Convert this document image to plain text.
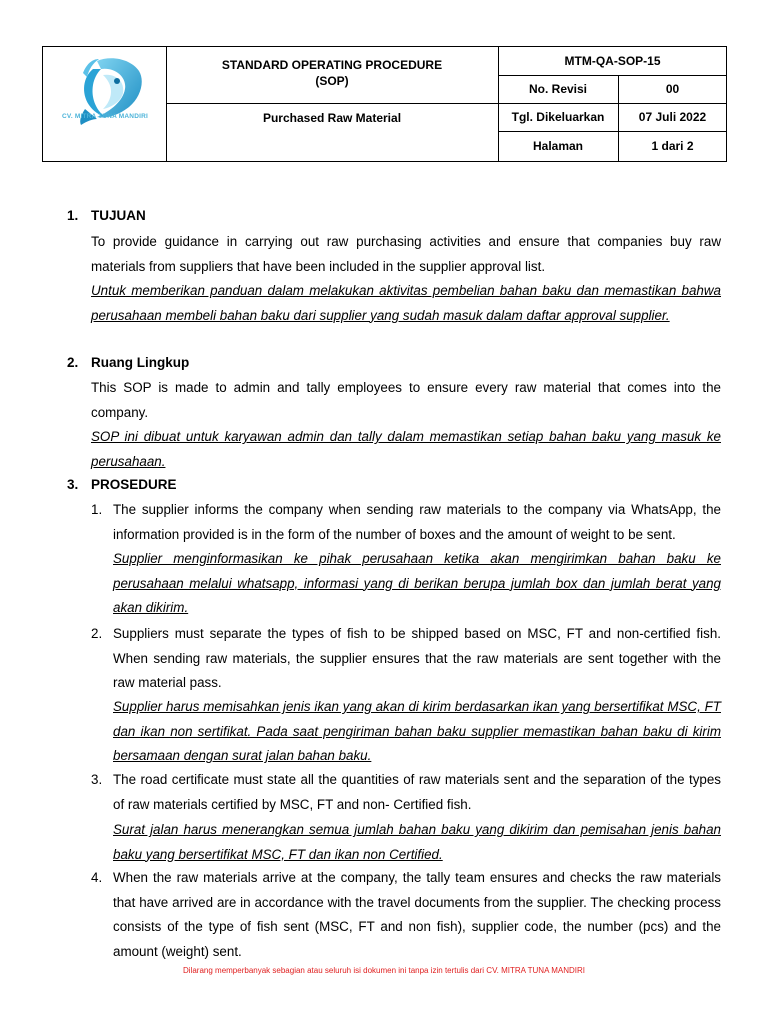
CV. MITRA TUNA MANDIRI
STANDARD OPERATING PROCEDURE
(SOP)
Purchased Raw Material
MTM-QA-SOP-15
No. Revisi	00
Tgl. Dikeluarkan	07 Juli 2022
Halaman	1 dari 2
1. TUJUAN
To provide guidance in carrying out raw purchasing activities and ensure that companies buy raw materials from suppliers that have been included in the supplier approval list.
Untuk memberikan panduan dalam melakukan aktivitas pembelian bahan baku dan memastikan bahwa perusahaan membeli bahan baku dari supplier yang sudah masuk dalam daftar approval supplier.
2. Ruang Lingkup
This SOP is made to admin and tally employees to ensure every raw material that comes into the company.
SOP ini dibuat untuk karyawan admin dan tally dalam memastikan setiap bahan baku yang masuk ke perusahaan.
3. PROSEDURE
1. The supplier informs the company when sending raw materials to the company via WhatsApp, the information provided is in the form of the number of boxes and the amount of weight to be sent.
Supplier menginformasikan ke pihak perusahaan ketika akan mengirimkan bahan baku ke perusahaan melalui whatsapp, informasi yang di berikan berupa jumlah box dan jumlah berat yang akan dikirim.
2. Suppliers must separate the types of fish to be shipped based on MSC, FT and non-certified fish. When sending raw materials, the supplier ensures that the raw materials are sent together with the raw material pass.
Supplier harus memisahkan jenis ikan yang akan di kirim berdasarkan ikan yang bersertifikat MSC, FT dan ikan non sertifikat. Pada saat pengiriman bahan baku supplier memastikan bahan baku di kirim bersamaan dengan surat jalan bahan baku.
3. The road certificate must state all the quantities of raw materials sent and the separation of the types of raw materials certified by MSC, FT and non- Certified fish.
Surat jalan harus menerangkan semua jumlah bahan baku yang dikirim dan pemisahan jenis bahan baku yang bersertifikat MSC, FT dan ikan non Certified.
4. When the raw materials arrive at the company, the tally team ensures and checks the raw materials that have arrived are in accordance with the travel documents from the supplier. The checking process consists of the type of fish sent (MSC, FT and non fish), supplier code, the number (pcs) and the amount (weight) sent.
Dilarang memperbanyak sebagian atau seluruh isi dokumen ini tanpa izin tertulis dari CV. MITRA TUNA MANDIRI
